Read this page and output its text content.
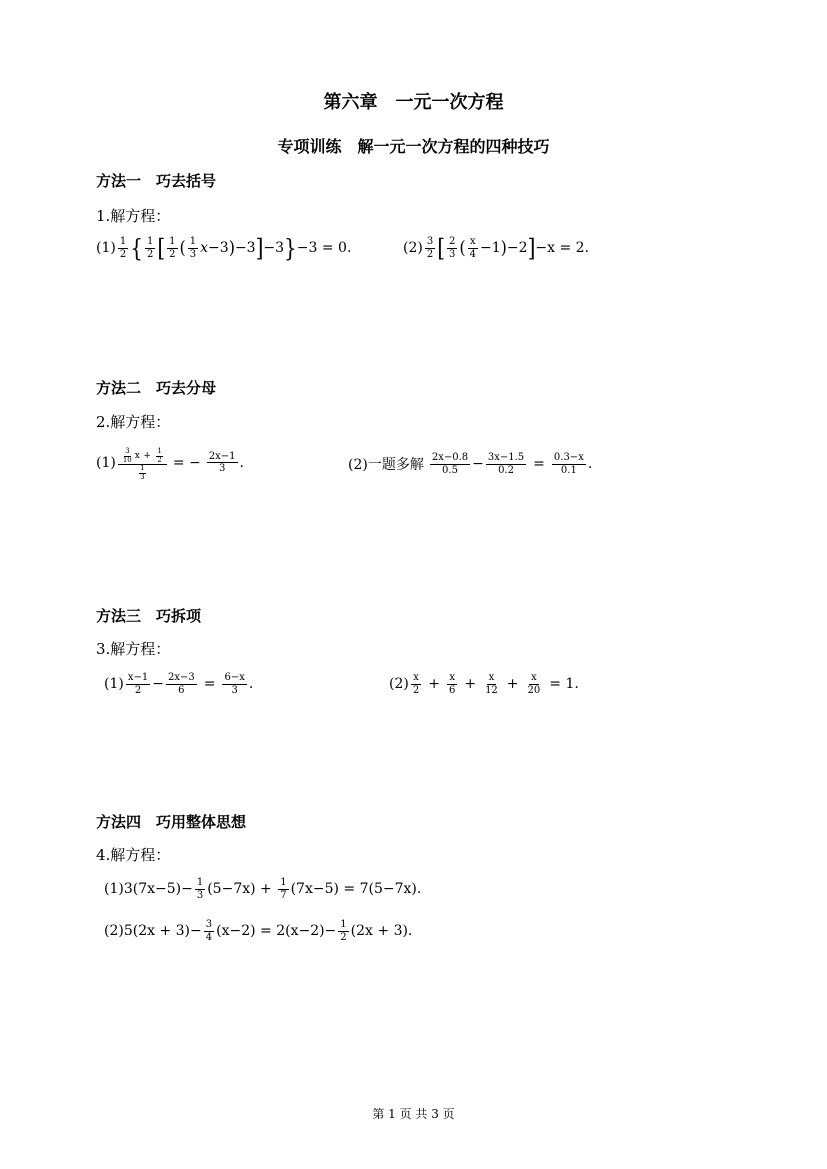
第六章　一元一次方程
专项训练　解一元一次方程的四种技巧
方法一　巧去括号
1.解方程：
$(1) \frac{1}{2}$ { $\frac{1}{2}$ [ $\frac{1}{2}$ ( $\frac{1}{3}$ x −3 ) −3 ] −3 } −3 = 0.	$(2) \frac{3}{2}$ [ $\frac{2}{3}$ ( $\frac{x}{4} -1$ ) −2 ] −x = 2.
方法二　巧去分母
2.解方程：
$(1) \frac{3}{10}$ x
+
$\frac{1}{2}$
$\frac{1}{3}$ = − $\frac{2x-1}{3}$ .	(2)一题多解 $\frac{2x-0.8}{0.5} - \frac{3x-1.5}{0.2} = \frac{0.3-x}{0.1}$ .
方法三　巧拆项
3.解方程：
$(1) \frac{x-1}{2} - \frac{2x-3}{6} = \frac{6-x}{3}$ .	$(2) \frac{x}{2} + \frac{x}{6} + \frac{x}{12} + \frac{x}{20} = 1$.
方法四　巧用整体思想
4.解方程：
$(1)3(7x-5)- \frac{1}{3} (5-7x) + \frac{1}{7} (7x-5) = 7(5-7x)$.
$(2)5(2x + 3)- \frac{3}{4} (x-2) = 2(x-2)- \frac{1}{2} (2x + 3)$.
第 1 页 共 3 页
